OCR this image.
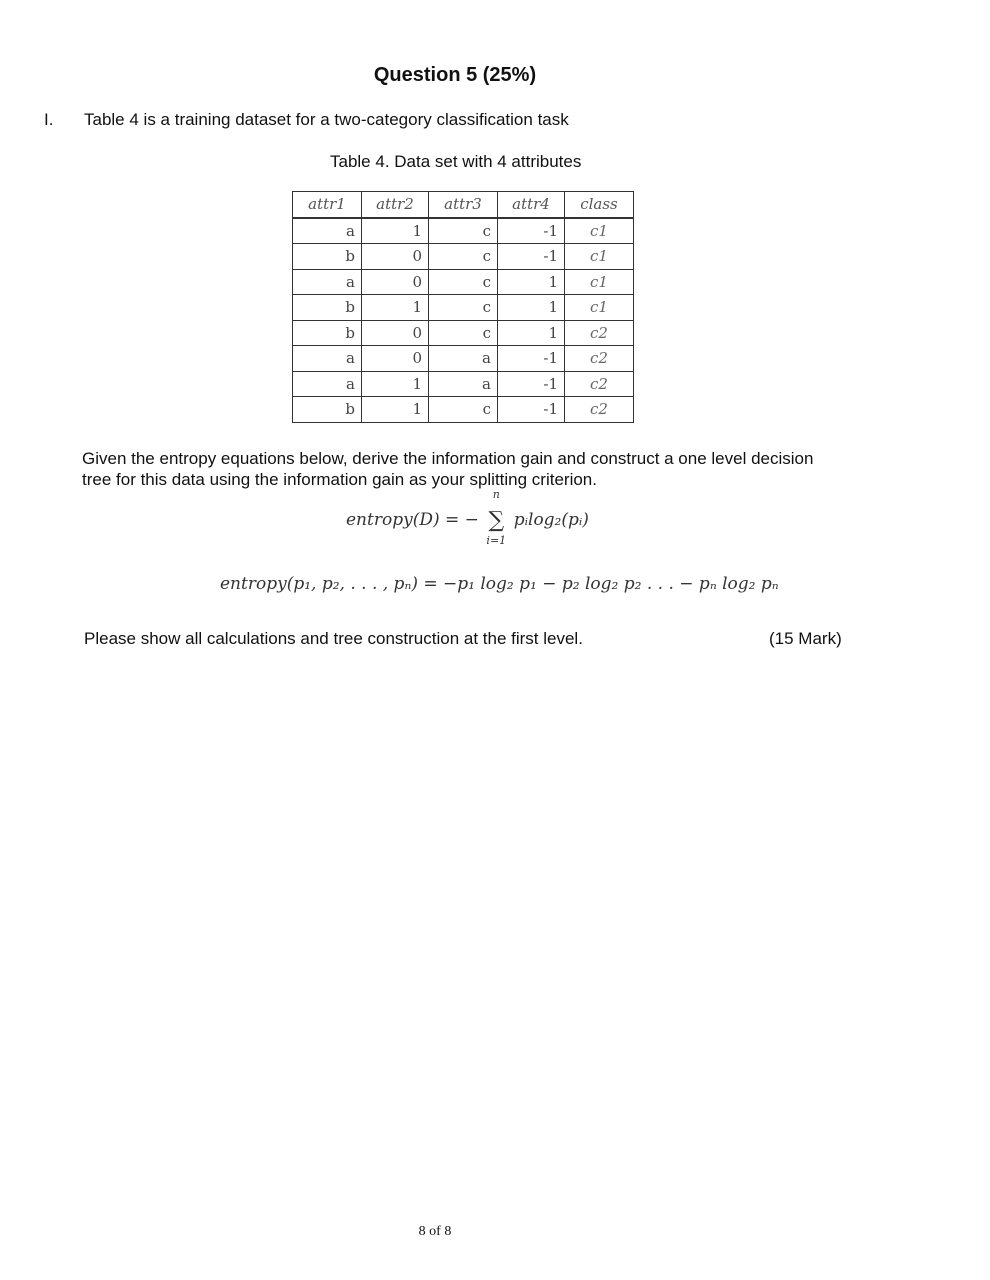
Question 5 (25%)
I. Table 4 is a training dataset for a two-category classification task
Table 4. Data set with 4 attributes
attr1	attr2	attr3	attr4	class
a	1	c	-1	c1
b	0	c	-1	c1
a	0	c	1	c1
b	1	c	1	c1
b	0	c	1	c2
a	0	a	-1	c2
a	1	a	-1	c2
b	1	c	-1	c2
Given the entropy equations below, derive the information gain and construct a one level decision tree for this data using the information gain as your splitting criterion.
entropy(D) = −
n
∑
i=1
pᵢlog₂(pᵢ)
entropy(p₁, p₂, . . . , pₙ) = −p₁ log₂ p₁ − p₂ log₂ p₂ . . . − pₙ log₂ pₙ
Please show all calculations and tree construction at the first level.	(15 Mark)
8 of 8
